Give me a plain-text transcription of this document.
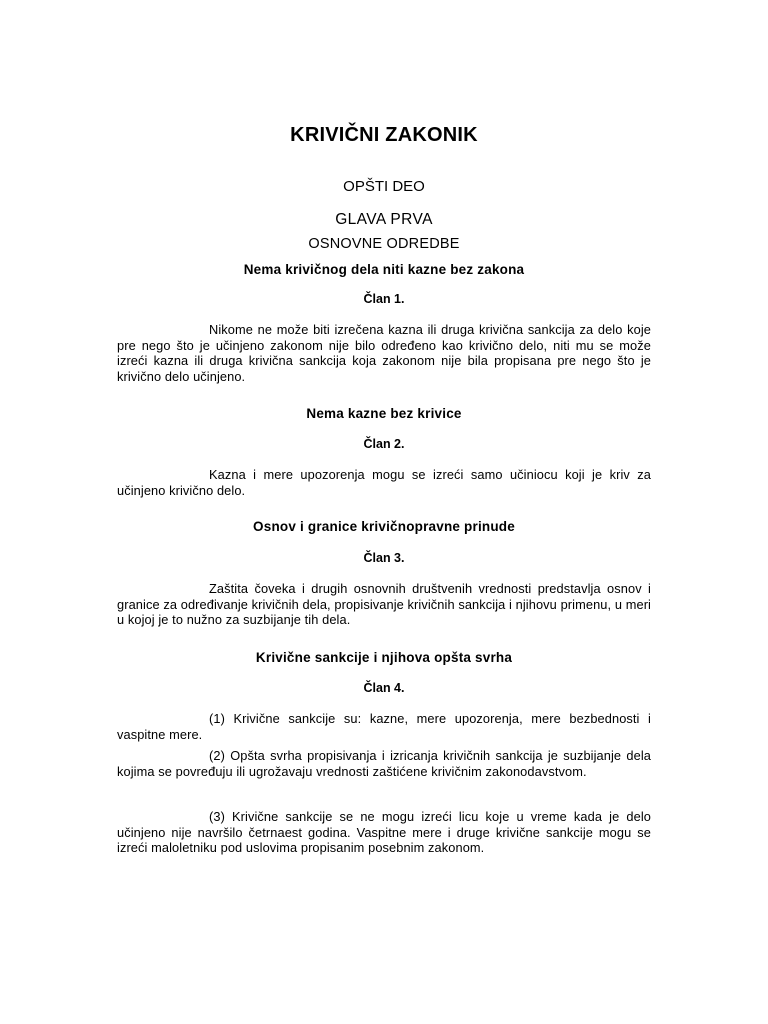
KRIVIČNI ZAKONIK
OPŠTI DEO
GLAVA PRVA
OSNOVNE ODREDBE
Nema krivičnog dela niti kazne bez zakona
Član 1.
Nikome ne može biti izrečena kazna ili druga krivična sankcija za delo koje pre nego što je učinjeno zakonom nije bilo određeno kao krivično delo, niti mu se može izreći kazna ili druga krivična sankcija koja zakonom nije bila propisana pre nego što je krivično delo učinjeno.
Nema kazne bez krivice
Član 2.
Kazna i mere upozorenja mogu se izreći samo učiniocu koji je kriv za učinjeno krivično delo.
Osnov i granice krivičnopravne prinude
Član 3.
Zaštita čoveka i drugih osnovnih društvenih vrednosti predstavlja osnov i granice za određivanje krivičnih dela, propisivanje krivičnih sankcija i njihovu primenu, u meri u kojoj je to nužno za suzbijanje tih dela.
Krivične sankcije i njihova opšta svrha
Član 4.
(1) Krivične sankcije su: kazne, mere upozorenja, mere bezbednosti i vaspitne mere.
(2) Opšta svrha propisivanja i izricanja krivičnih sankcija je suzbijanje dela kojima se povređuju ili ugrožavaju vrednosti zaštićene krivičnim zakonodavstvom.
(3) Krivične sankcije se ne mogu izreći licu koje u vreme kada je delo učinjeno nije navršilo četrnaest godina. Vaspitne mere i druge krivične sankcije mogu se izreći maloletniku pod uslovima propisanim posebnim zakonom.
